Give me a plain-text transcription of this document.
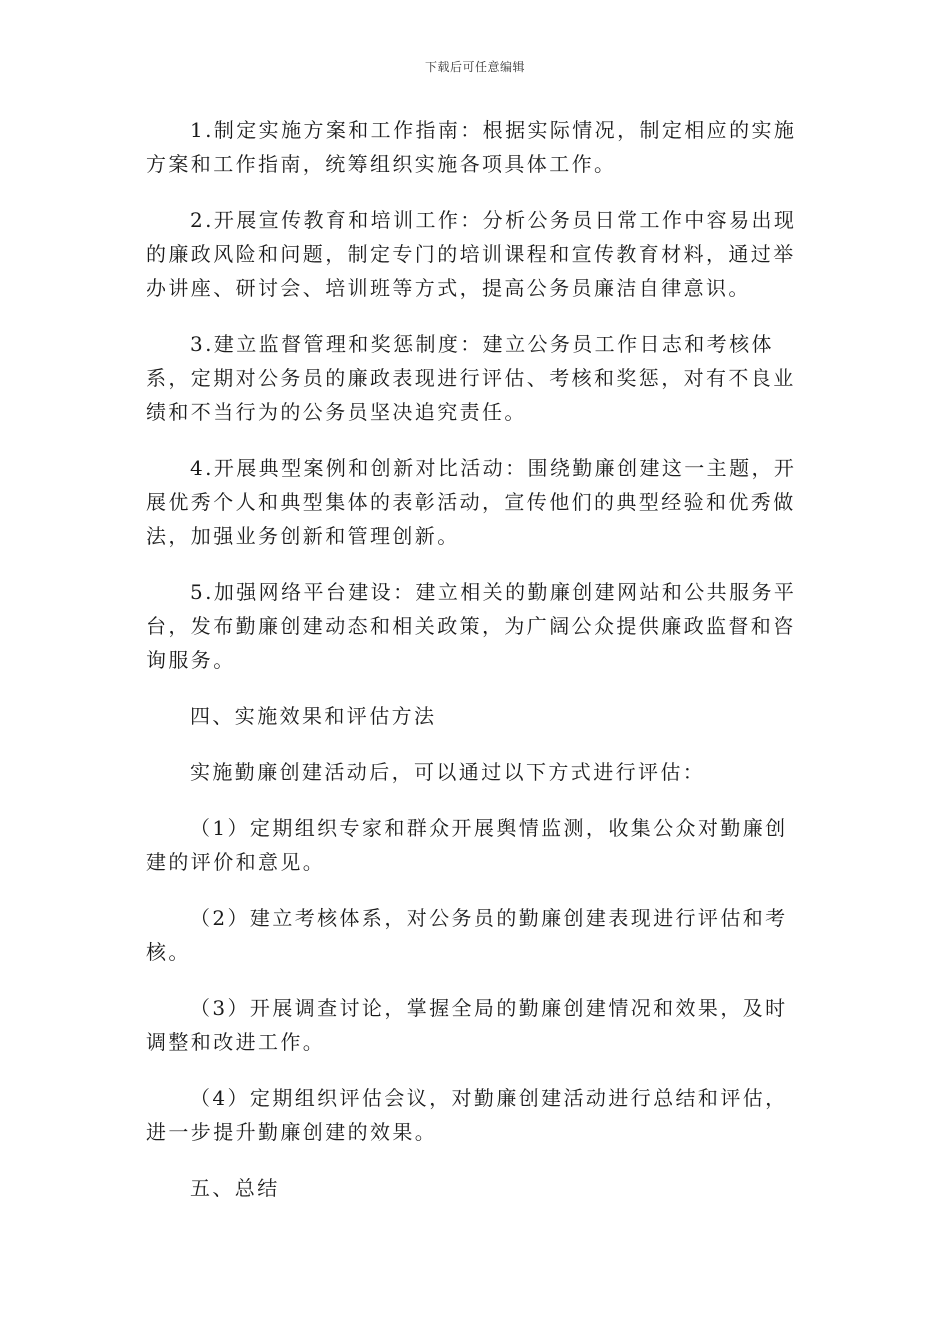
下载后可任意编辑

1.制定实施方案和工作指南：根据实际情况，制定相应的实施方案和工作指南，统筹组织实施各项具体工作。

2.开展宣传教育和培训工作：分析公务员日常工作中容易出现的廉政风险和问题，制定专门的培训课程和宣传教育材料，通过举办讲座、研讨会、培训班等方式，提高公务员廉洁自律意识。

3.建立监督管理和奖惩制度：建立公务员工作日志和考核体系，定期对公务员的廉政表现进行评估、考核和奖惩，对有不良业绩和不当行为的公务员坚决追究责任。

4.开展典型案例和创新对比活动：围绕勤廉创建这一主题，开展优秀个人和典型集体的表彰活动，宣传他们的典型经验和优秀做法，加强业务创新和管理创新。

5.加强网络平台建设：建立相关的勤廉创建网站和公共服务平台，发布勤廉创建动态和相关政策，为广阔公众提供廉政监督和咨询服务。

四、实施效果和评估方法

实施勤廉创建活动后，可以通过以下方式进行评估：

（1）定期组织专家和群众开展舆情监测，收集公众对勤廉创建的评价和意见。

（2）建立考核体系，对公务员的勤廉创建表现进行评估和考核。

（3）开展调查讨论，掌握全局的勤廉创建情况和效果，及时调整和改进工作。

（4）定期组织评估会议，对勤廉创建活动进行总结和评估，进一步提升勤廉创建的效果。

五、总结
